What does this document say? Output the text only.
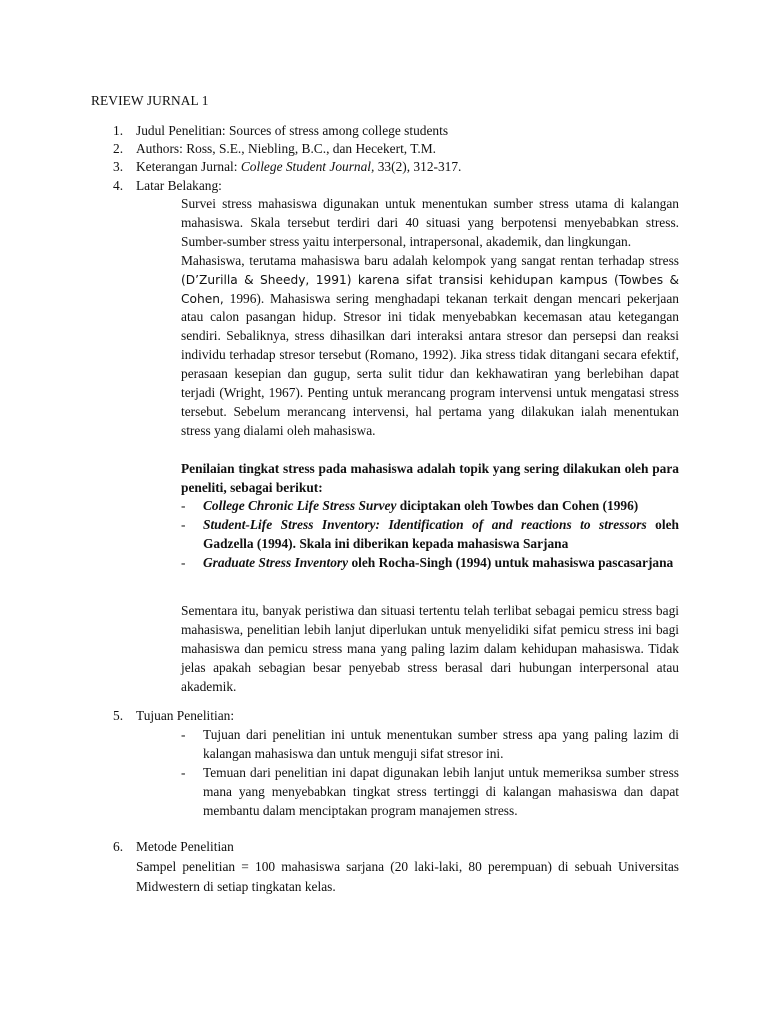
REVIEW JURNAL 1
1. Judul Penelitian: Sources of stress among college students
2. Authors: Ross, S.E., Niebling, B.C., dan Hecekert, T.M.
3. Keterangan Jurnal: College Student Journal, 33(2), 312-317.
4. Latar Belakang:

Survei stress mahasiswa digunakan untuk menentukan sumber stress utama di kalangan mahasiswa. Skala tersebut terdiri dari 40 situasi yang berpotensi menyebabkan stress. Sumber-sumber stress yaitu interpersonal, intrapersonal, akademik, dan lingkungan.

Mahasiswa, terutama mahasiswa baru adalah kelompok yang sangat rentan terhadap stress (D’Zurilla & Sheedy, 1991) karena sifat transisi kehidupan kampus (Towbes & Cohen, 1996). Mahasiswa sering menghadapi tekanan terkait dengan mencari pekerjaan atau calon pasangan hidup. Stresor ini tidak menyebabkan kecemasan atau ketegangan sendiri. Sebaliknya, stress dihasilkan dari interaksi antara stresor dan persepsi dan reaksi individu terhadap stresor tersebut (Romano, 1992). Jika stress tidak ditangani secara efektif, perasaan kesepian dan gugup, serta sulit tidur dan kekhawatiran yang berlebihan dapat terjadi (Wright, 1967). Penting untuk merancang program intervensi untuk mengatasi stress tersebut. Sebelum merancang intervensi, hal pertama yang dilakukan ialah menentukan stress yang dialami oleh mahasiswa.

Penilaian tingkat stress pada mahasiswa adalah topik yang sering dilakukan oleh para peneliti, sebagai berikut:
- College Chronic Life Stress Survey diciptakan oleh Towbes dan Cohen (1996)
- Student-Life Stress Inventory: Identification of and reactions to stressors oleh Gadzella (1994). Skala ini diberikan kepada mahasiswa Sarjana
- Graduate Stress Inventory oleh Rocha-Singh (1994) untuk mahasiswa pascasarjana
Sementara itu, banyak peristiwa dan situasi tertentu telah terlibat sebagai pemicu stress bagi mahasiswa, penelitian lebih lanjut diperlukan untuk menyelidiki sifat pemicu stress ini bagi mahasiswa dan pemicu stress mana yang paling lazim dalam kehidupan mahasiswa. Tidak jelas apakah sebagian besar penyebab stress berasal dari hubungan interpersonal atau akademik.
5. Tujuan Penelitian:
- Tujuan dari penelitian ini untuk menentukan sumber stress apa yang paling lazim di kalangan mahasiswa dan untuk menguji sifat stresor ini.
- Temuan dari penelitian ini dapat digunakan lebih lanjut untuk memeriksa sumber stress mana yang menyebabkan tingkat stress tertinggi di kalangan mahasiswa dan dapat membantu dalam menciptakan program manajemen stress.
6. Metode Penelitian
Sampel penelitian = 100 mahasiswa sarjana (20 laki-laki, 80 perempuan) di sebuah Universitas Midwestern di setiap tingkatan kelas.
